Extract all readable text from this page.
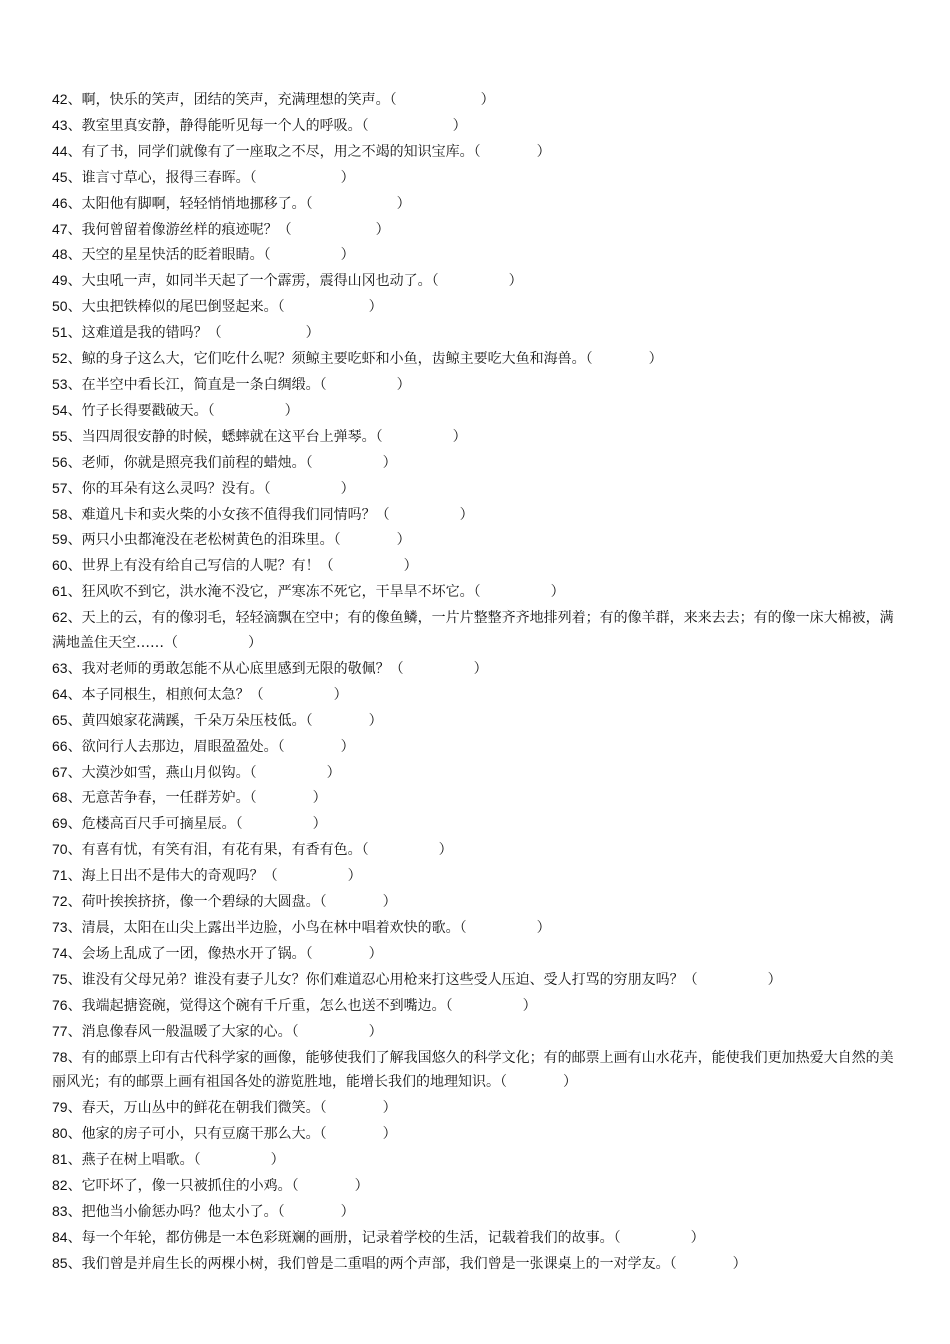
42、啊，快乐的笑声，团结的笑声，充满理想的笑声。（　　　　　　）
43、教室里真安静，静得能听见每一个人的呼吸。（　　　　　　）
44、有了书，同学们就像有了一座取之不尽，用之不竭的知识宝库。（　　　　）
45、谁言寸草心，报得三春晖。（　　　　　　）
46、太阳他有脚啊，轻轻悄悄地挪移了。（　　　　　　）
47、我何曾留着像游丝样的痕迹呢？（　　　　　　）
48、天空的星星快活的眨着眼睛。（　　　　　）
49、大虫吼一声，如同半天起了一个霹雳，震得山冈也动了。（　　　　　）
50、大虫把铁棒似的尾巴倒竖起来。（　　　　　　）
51、这难道是我的错吗？（　　　　　　）
52、鲸的身子这么大，它们吃什么呢？须鲸主要吃虾和小鱼，齿鲸主要吃大鱼和海兽。（　　　　）
53、在半空中看长江，简直是一条白绸缎。（　　　　　）
54、竹子长得要戳破天。（　　　　　）
55、当四周很安静的时候，蟋蟀就在这平台上弹琴。（　　　　　）
56、老师，你就是照亮我们前程的蜡烛。（　　　　　）
57、你的耳朵有这么灵吗？没有。（　　　　　）
58、难道凡卡和卖火柴的小女孩不值得我们同情吗？（　　　　　）
59、两只小虫都淹没在老松树黄色的泪珠里。（　　　　）
60、世界上有没有给自己写信的人呢？有！（　　　　　）
61、狂风吹不到它，洪水淹不没它，严寒冻不死它，干旱旱不坏它。（　　　　　）
62、天上的云，有的像羽毛，轻轻滴飘在空中；有的像鱼鳞，一片片整整齐齐地排列着；有的像羊群，来来去去；有的像一床大棉被，满满地盖住天空……（　　　　　）
63、我对老师的勇敢怎能不从心底里感到无限的敬佩？（　　　　　）
64、本子同根生，相煎何太急？（　　　　　）
65、黄四娘家花满蹊，千朵万朵压枝低。（　　　　）
66、欲问行人去那边，眉眼盈盈处。（　　　　）
67、大漠沙如雪，燕山月似钩。（　　　　　）
68、无意苦争春，一任群芳妒。（　　　　）
69、危楼高百尺手可摘星辰。（　　　　　）
70、有喜有忧，有笑有泪，有花有果，有香有色。（　　　　　）
71、海上日出不是伟大的奇观吗？（　　　　　）
72、荷叶挨挨挤挤，像一个碧绿的大圆盘。（　　　　）
73、清晨，太阳在山尖上露出半边脸，小鸟在林中唱着欢快的歌。（　　　　　）
74、会场上乱成了一团，像热水开了锅。（　　　　）
75、谁没有父母兄弟？谁没有妻子儿女？你们难道忍心用枪来打这些受人压迫、受人打骂的穷朋友吗？（　　　　　）
76、我端起搪瓷碗，觉得这个碗有千斤重，怎么也送不到嘴边。（　　　　　）
77、消息像春风一般温暖了大家的心。（　　　　　）
78、有的邮票上印有古代科学家的画像，能够使我们了解我国悠久的科学文化；有的邮票上画有山水花卉，能使我们更加热爱大自然的美丽风光；有的邮票上画有祖国各处的游览胜地，能增长我们的地理知识。（　　　　）
79、春天，万山丛中的鲜花在朝我们微笑。（　　　　）
80、他家的房子可小，只有豆腐干那么大。（　　　　）
81、燕子在树上唱歌。（　　　　　）
82、它吓坏了，像一只被抓住的小鸡。（　　　　）
83、把他当小偷惩办吗？他太小了。（　　　　）
84、每一个年轮，都仿佛是一本色彩斑斓的画册，记录着学校的生活，记载着我们的故事。（　　　　　）
85、我们曾是并肩生长的两棵小树，我们曾是二重唱的两个声部，我们曾是一张课桌上的一对学友。（　　　　）
